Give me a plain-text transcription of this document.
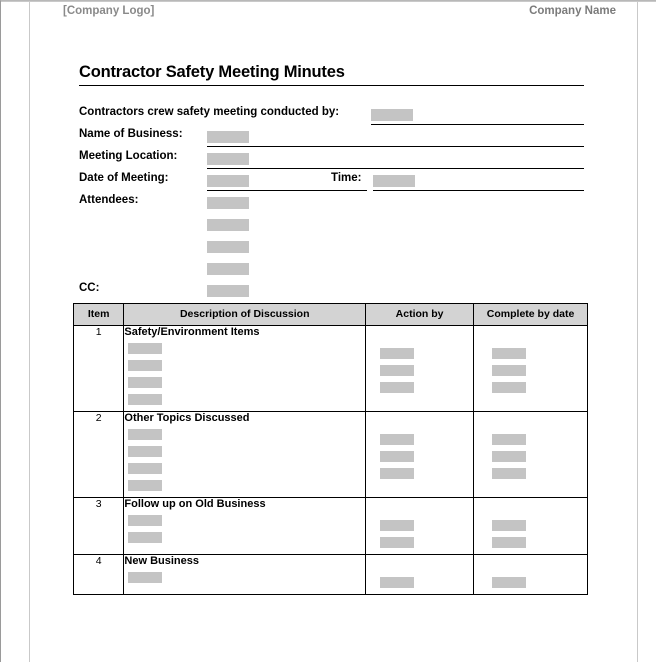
[Company Logo]	Company Name
Contractor Safety Meeting Minutes
Contractors crew safety meeting conducted by:
Name of Business:
Meeting Location:
Date of Meeting:	Time:
Attendees:
CC:
Item	Description of Discussion	Action by	Complete by date
1	Safety/Environment Items		

2	Other Topics Discussed		

3	Follow up on Old Business		

4	New Business		
